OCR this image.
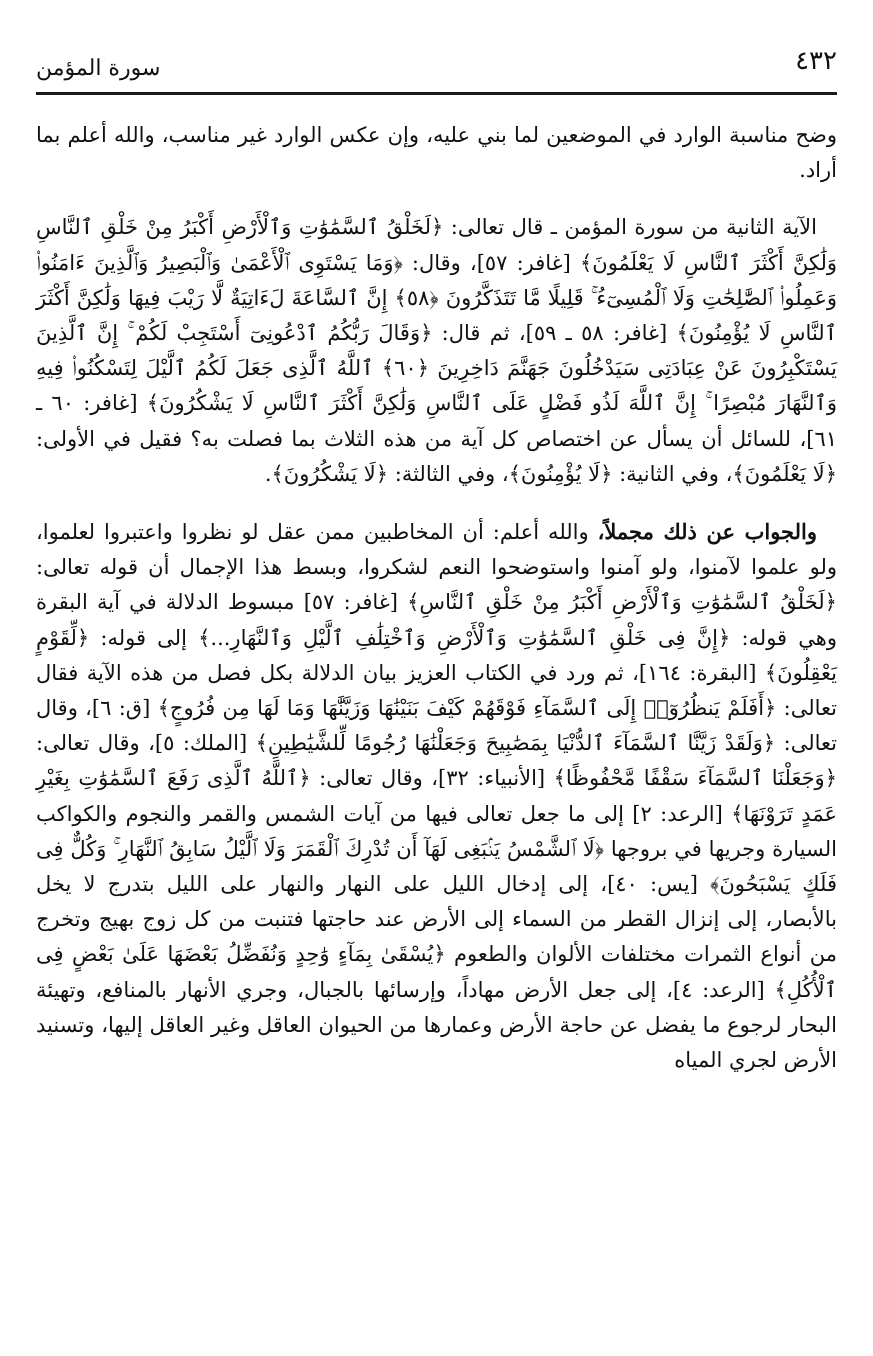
٤٣٢
سورة المؤمن

وضح مناسبة الوارد في الموضعين لما بني عليه، وإن عكس الوارد غير مناسب، والله أعلم بما أراد.

الآية الثانية من سورة المؤمن ـ قال تعالى: ﴿لَخَلْقُ ٱلسَّمَٰوَٰتِ وَٱلْأَرْضِ أَكْبَرُ مِنْ خَلْقِ ٱلنَّاسِ وَلَٰكِنَّ أَكْثَرَ ٱلنَّاسِ لَا يَعْلَمُونَ﴾ [غافر: ٥٧]، وقال: ﴿وَمَا يَسْتَوِى ٱلْأَعْمَىٰ وَٱلْبَصِيرُ وَٱلَّذِينَ ءَامَنُوا۟ وَعَمِلُوا۟ ٱلصَّٰلِحَٰتِ وَلَا ٱلْمُسِىٓءُ ۚ قَلِيلًا مَّا تَتَذَكَّرُونَ ﴿٥٨﴾ إِنَّ ٱلسَّاعَةَ لَءَاتِيَةٌ لَّا رَيْبَ فِيهَا وَلَٰكِنَّ أَكْثَرَ ٱلنَّاسِ لَا يُؤْمِنُونَ﴾ [غافر: ٥٨ ـ ٥٩]، ثم قال: ﴿وَقَالَ رَبُّكُمُ ٱدْعُونِىٓ أَسْتَجِبْ لَكُمْ ۚ إِنَّ ٱلَّذِينَ يَسْتَكْبِرُونَ عَنْ عِبَادَتِى سَيَدْخُلُونَ جَهَنَّمَ دَاخِرِينَ ﴿٦٠﴾ ٱللَّهُ ٱلَّذِى جَعَلَ لَكُمُ ٱلَّيْلَ لِتَسْكُنُوا۟ فِيهِ وَٱلنَّهَارَ مُبْصِرًا ۚ إِنَّ ٱللَّهَ لَذُو فَضْلٍ عَلَى ٱلنَّاسِ وَلَٰكِنَّ أَكْثَرَ ٱلنَّاسِ لَا يَشْكُرُونَ﴾ [غافر: ٦٠ ـ ٦١]، للسائل أن يسأل عن اختصاص كل آية من هذه الثلاث بما فصلت به؟ فقيل في الأولى: ﴿لَا يَعْلَمُونَ﴾، وفي الثانية: ﴿لَا يُؤْمِنُونَ﴾، وفي الثالثة: ﴿لَا يَشْكُرُونَ﴾.

والجواب عن ذلك مجملاً، والله أعلم: أن المخاطبين ممن عقل لو نظروا واعتبروا لعلموا، ولو علموا لآمنوا، ولو آمنوا واستوضحوا النعم لشكروا، وبسط هذا الإجمال أن قوله تعالى: ﴿لَخَلْقُ ٱلسَّمَٰوَٰتِ وَٱلْأَرْضِ أَكْبَرُ مِنْ خَلْقِ ٱلنَّاسِ﴾ [غافر: ٥٧] مبسوط الدلالة في آية البقرة وهي قوله: ﴿إِنَّ فِى خَلْقِ ٱلسَّمَٰوَٰتِ وَٱلْأَرْضِ وَٱخْتِلَٰفِ ٱلَّيْلِ وَٱلنَّهَارِ...﴾ إلى قوله: ﴿لِّقَوْمٍ يَعْقِلُونَ﴾ [البقرة: ١٦٤]، ثم ورد في الكتاب العزيز بيان الدلالة بكل فصل من هذه الآية فقال تعالى: ﴿أَفَلَمْ يَنظُرُوٓا۟ إِلَى ٱلسَّمَآءِ فَوْقَهُمْ كَيْفَ بَنَيْنَٰهَا وَزَيَّنَّٰهَا وَمَا لَهَا مِن فُرُوجٍ﴾ [ق: ٦]، وقال تعالى: ﴿وَلَقَدْ زَيَّنَّا ٱلسَّمَآءَ ٱلدُّنْيَا بِمَصَٰبِيحَ وَجَعَلْنَٰهَا رُجُومًا لِّلشَّيَٰطِينِ﴾ [الملك: ٥]، وقال تعالى: ﴿وَجَعَلْنَا ٱلسَّمَآءَ سَقْفًا مَّحْفُوظًا﴾ [الأنبياء: ٣٢]، وقال تعالى: ﴿ٱللَّهُ ٱلَّذِى رَفَعَ ٱلسَّمَٰوَٰتِ بِغَيْرِ عَمَدٍ تَرَوْنَهَا﴾ [الرعد: ٢] إلى ما جعل تعالى فيها من آيات الشمس والقمر والنجوم والكواكب السيارة وجريها في بروجها ﴿لَا ٱلشَّمْسُ يَنۢبَغِى لَهَآ أَن تُدْرِكَ ٱلْقَمَرَ وَلَا ٱلَّيْلُ سَابِقُ ٱلنَّهَارِ ۚ وَكُلٌّ فِى فَلَكٍ يَسْبَحُونَ﴾ [يس: ٤٠]، إلى إدخال الليل على النهار والنهار على الليل بتدرج لا يخل بالأبصار، إلى إنزال القطر من السماء إلى الأرض عند حاجتها فتنبت من كل زوج بهيج وتخرج من أنواع الثمرات مختلفات الألوان والطعوم ﴿يُسْقَىٰ بِمَآءٍ وَٰحِدٍ وَنُفَضِّلُ بَعْضَهَا عَلَىٰ بَعْضٍ فِى ٱلْأُكُلِ﴾ [الرعد: ٤]، إلى جعل الأرض مهاداً، وإرسائها بالجبال، وجري الأنهار بالمنافع، وتهيئة البحار لرجوع ما يفضل عن حاجة الأرض وعمارها من الحيوان العاقل وغير العاقل إليها، وتسنيد الأرض لجري المياه
